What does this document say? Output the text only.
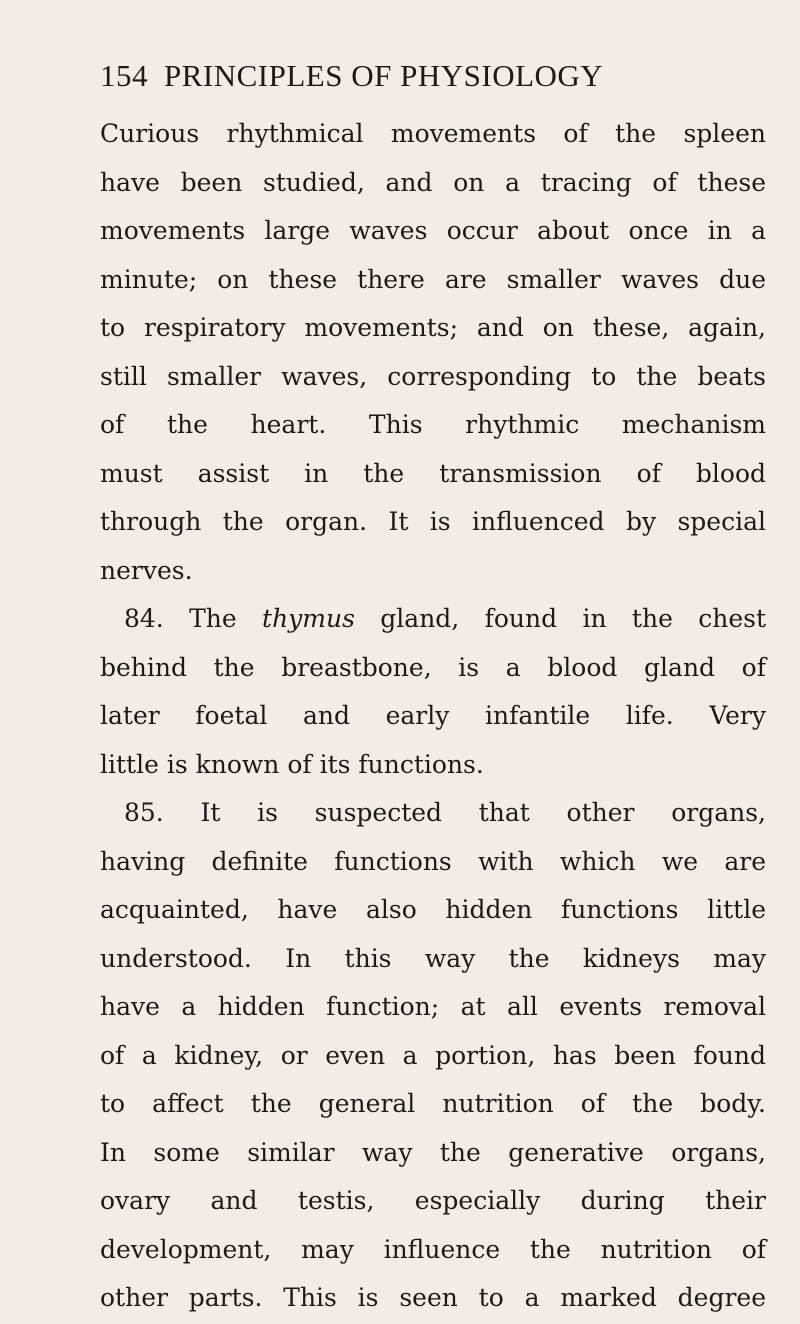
154 PRINCIPLES OF PHYSIOLOGY
Curious rhythmical movements of the spleen
have been studied, and on a tracing of these
movements large waves occur about once in a
minute; on these there are smaller waves due
to respiratory movements; and on these, again,
still smaller waves, corresponding to the beats
of the heart. This rhythmic mechanism
must assist in the transmission of blood
through the organ. It is influenced by special
nerves.
84. The thymus gland, found in the chest
behind the breastbone, is a blood gland of
later foetal and early infantile life. Very
little is known of its functions.
85. It is suspected that other organs,
having definite functions with which we are
acquainted, have also hidden functions little
understood. In this way the kidneys may
have a hidden function; at all events removal
of a kidney, or even a portion, has been found
to affect the general nutrition of the body.
In some similar way the generative organs,
ovary and testis, especially during their
development, may influence the nutrition of
other parts. This is seen to a marked degree
